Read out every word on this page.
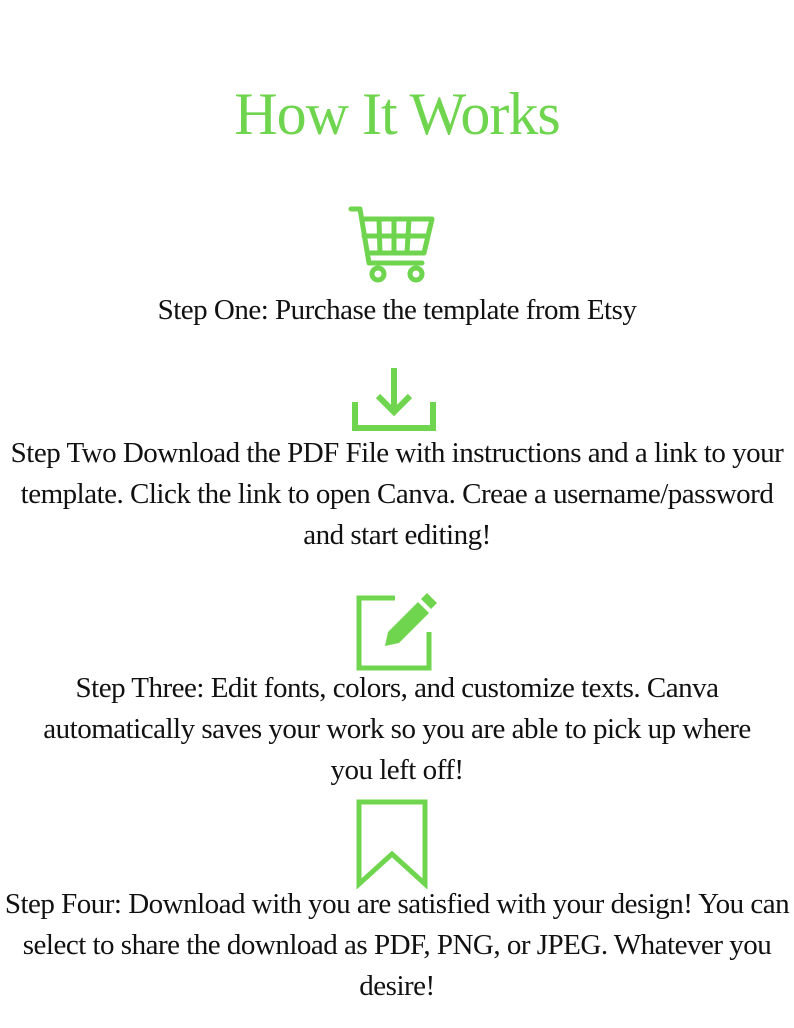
How It Works
Step One: Purchase the template from Etsy
Step Two Download the PDF File with instructions and a link to your template. Click the link to open Canva. Creae a username/password and start editing!
Step Three: Edit fonts, colors, and customize texts. Canva automatically saves your work so you are able to pick up where you left off!
Step Four: Download with you are satisfied with your design! You can select to share the download as PDF, PNG, or JPEG. Whatever you desire!
